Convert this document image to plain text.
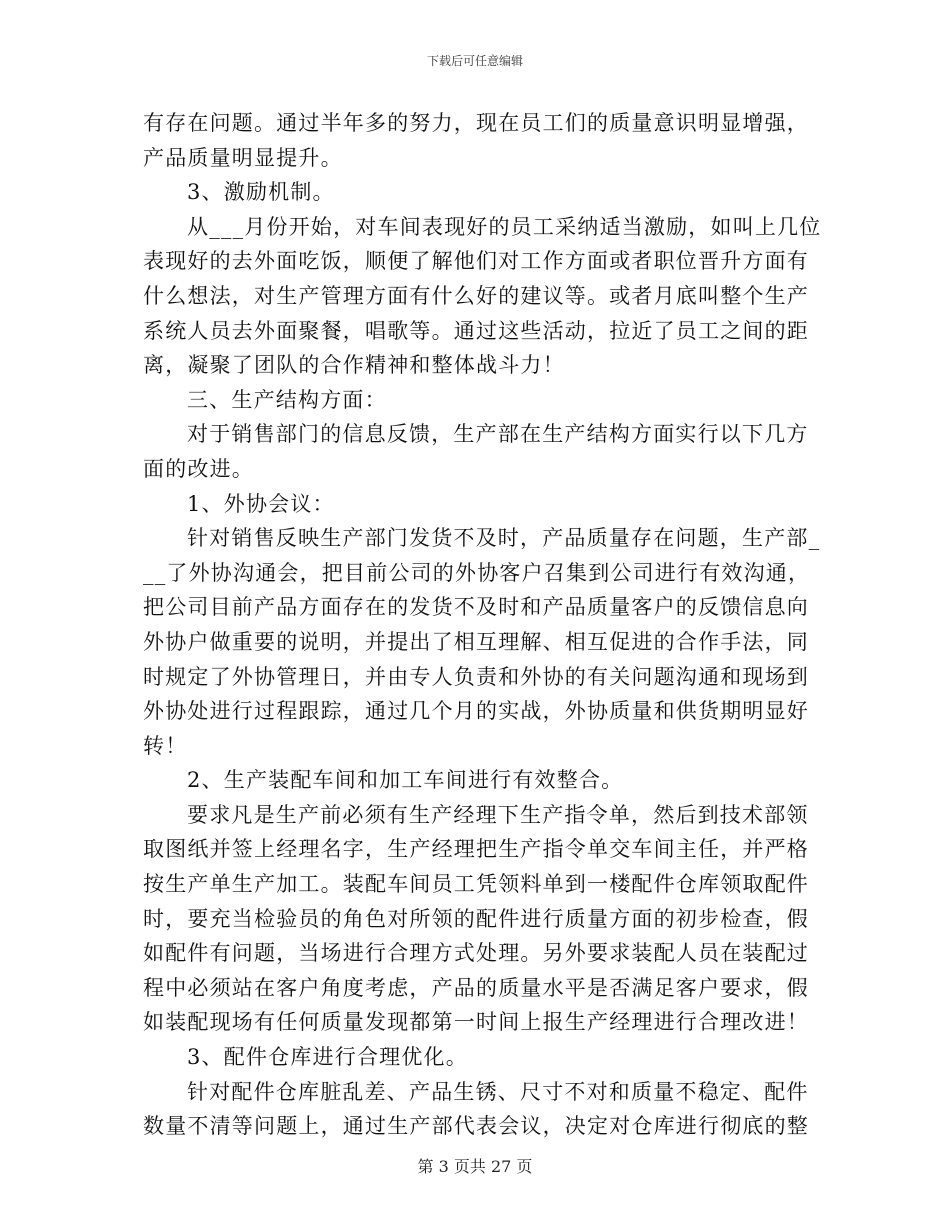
下载后可任意编辑
有存在问题。通过半年多的努力，现在员工们的质量意识明显增强，
产品质量明显提升。
3、激励机制。
从___月份开始，对车间表现好的员工采纳适当激励，如叫上几位
表现好的去外面吃饭，顺便了解他们对工作方面或者职位晋升方面有
什么想法，对生产管理方面有什么好的建议等。或者月底叫整个生产
系统人员去外面聚餐，唱歌等。通过这些活动，拉近了员工之间的距
离，凝聚了团队的合作精神和整体战斗力！
三、生产结构方面：
对于销售部门的信息反馈，生产部在生产结构方面实行以下几方
面的改进。
1、外协会议：
针对销售反映生产部门发货不及时，产品质量存在问题，生产部_
__了外协沟通会，把目前公司的外协客户召集到公司进行有效沟通，
把公司目前产品方面存在的发货不及时和产品质量客户的反馈信息向
外协户做重要的说明，并提出了相互理解、相互促进的合作手法，同
时规定了外协管理日，并由专人负责和外协的有关问题沟通和现场到
外协处进行过程跟踪，通过几个月的实战，外协质量和供货期明显好
转！
2、生产装配车间和加工车间进行有效整合。
要求凡是生产前必须有生产经理下生产指令单，然后到技术部领
取图纸并签上经理名字，生产经理把生产指令单交车间主任，并严格
按生产单生产加工。装配车间员工凭领料单到一楼配件仓库领取配件
时，要充当检验员的角色对所领的配件进行质量方面的初步检查，假
如配件有问题，当场进行合理方式处理。另外要求装配人员在装配过
程中必须站在客户角度考虑，产品的质量水平是否满足客户要求，假
如装配现场有任何质量发现都第一时间上报生产经理进行合理改进！
3、配件仓库进行合理优化。
针对配件仓库脏乱差、产品生锈、尺寸不对和质量不稳定、配件
数量不清等问题上，通过生产部代表会议，决定对仓库进行彻底的整
第 3 页共 27 页
